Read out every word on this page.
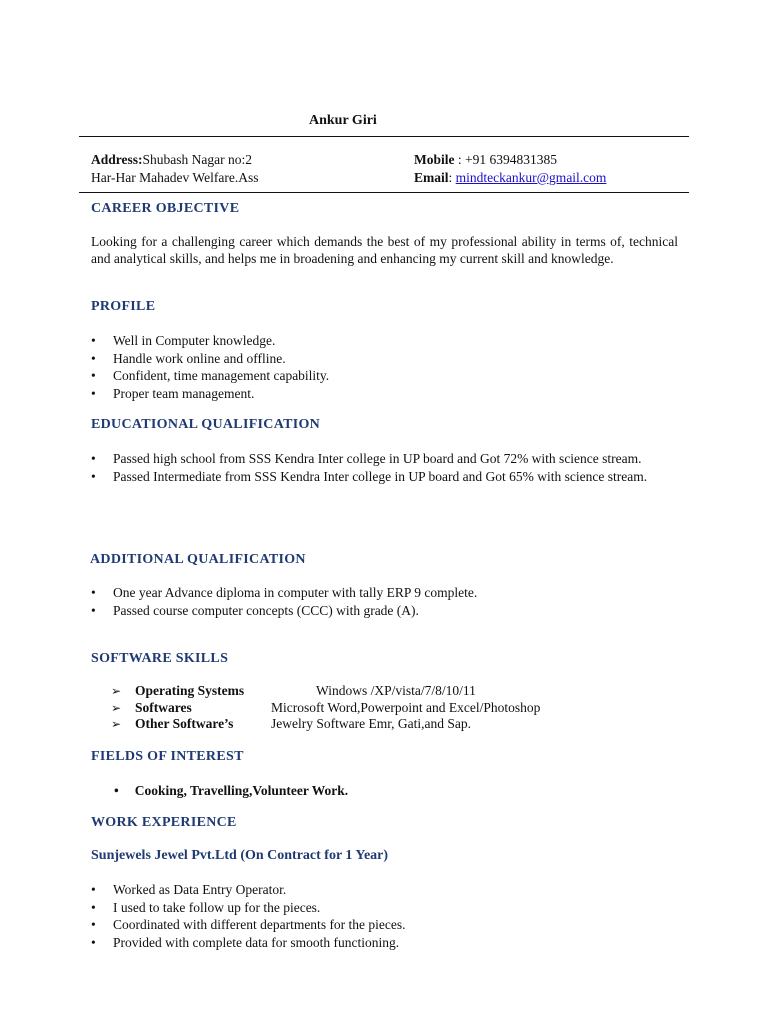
Ankur Giri
Address:Shubash Nagar no:2
Har-Har Mahadev Welfare.Ass
Mobile : +91 6394831385
Email: mindteckankur@gmail.com
CAREER OBJECTIVE
Looking for a challenging career which demands the best of my professional ability in terms of, technical and analytical skills, and helps me in broadening and enhancing my current skill and knowledge.
PROFILE
• Well in Computer knowledge.
• Handle work online and offline.
• Confident, time management capability.
• Proper team management.
EDUCATIONAL QUALIFICATION
• Passed high school from SSS Kendra Inter college in UP board and Got 72% with science stream.
• Passed Intermediate from SSS Kendra Inter college in UP board and Got 65% with science stream.
ADDITIONAL QUALIFICATION
• One year Advance diploma in computer with tally ERP 9 complete.
• Passed course computer concepts (CCC) with grade (A).
SOFTWARE SKILLS
➢ Operating Systems	Windows /XP/vista/7/8/10/11
➢ Softwares	Microsoft Word,Powerpoint and Excel/Photoshop
➢ Other Software’s	Jewelry Software Emr, Gati,and Sap.
FIELDS OF INTEREST
• Cooking, Travelling,Volunteer Work.
WORK EXPERIENCE
Sunjewels Jewel Pvt.Ltd (On Contract for 1 Year)
• Worked as Data Entry Operator.
• I used to take follow up for the pieces.
• Coordinated with different departments for the pieces.
• Provided with complete data for smooth functioning.
